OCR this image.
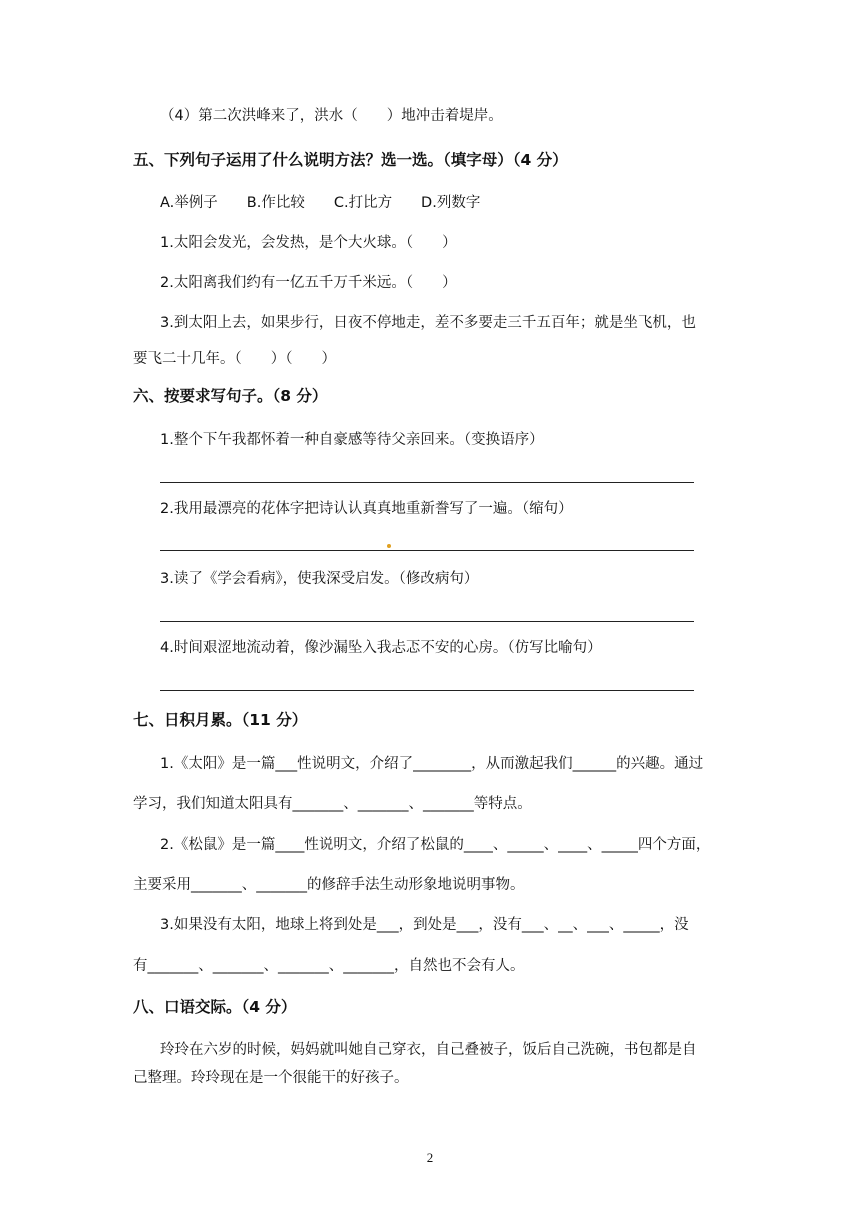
（4）第二次洪峰来了，洪水（　　）地冲击着堤岸。
五、下列句子运用了什么说明方法？选一选。（填字母）（4 分）
A.举例子　　B.作比较　　C.打比方　　D.列数字
1.太阳会发光，会发热，是个大火球。（　　）
2.太阳离我们约有一亿五千万千米远。（　　）
3.到太阳上去，如果步行，日夜不停地走，差不多要走三千五百年；就是坐飞机，也
要飞二十几年。（　　）（　　）
六、按要求写句子。（8 分）
1.整个下午我都怀着一种自豪感等待父亲回来。（变换语序）
2.我用最漂亮的花体字把诗认认真真地重新誊写了一遍。（缩句）
3.读了《学会看病》，使我深受启发。（修改病句）
4.时间艰涩地流动着，像沙漏坠入我忐忑不安的心房。（仿写比喻句）
七、日积月累。（11 分）
1.《太阳》是一篇___性说明文，介绍了________，从而激起我们______的兴趣。通过
学习，我们知道太阳具有_______、_______、_______等特点。
2.《松鼠》是一篇____性说明文，介绍了松鼠的____、_____、____、_____四个方面，
主要采用_______、_______的修辞手法生动形象地说明事物。
3.如果没有太阳，地球上将到处是___，到处是___，没有___、__、___、_____，没
有_______、_______、_______、_______，自然也不会有人。
八、口语交际。（4 分）
玲玲在六岁的时候，妈妈就叫她自己穿衣，自己叠被子，饭后自己洗碗，书包都是自
己整理。玲玲现在是一个很能干的好孩子。
2
